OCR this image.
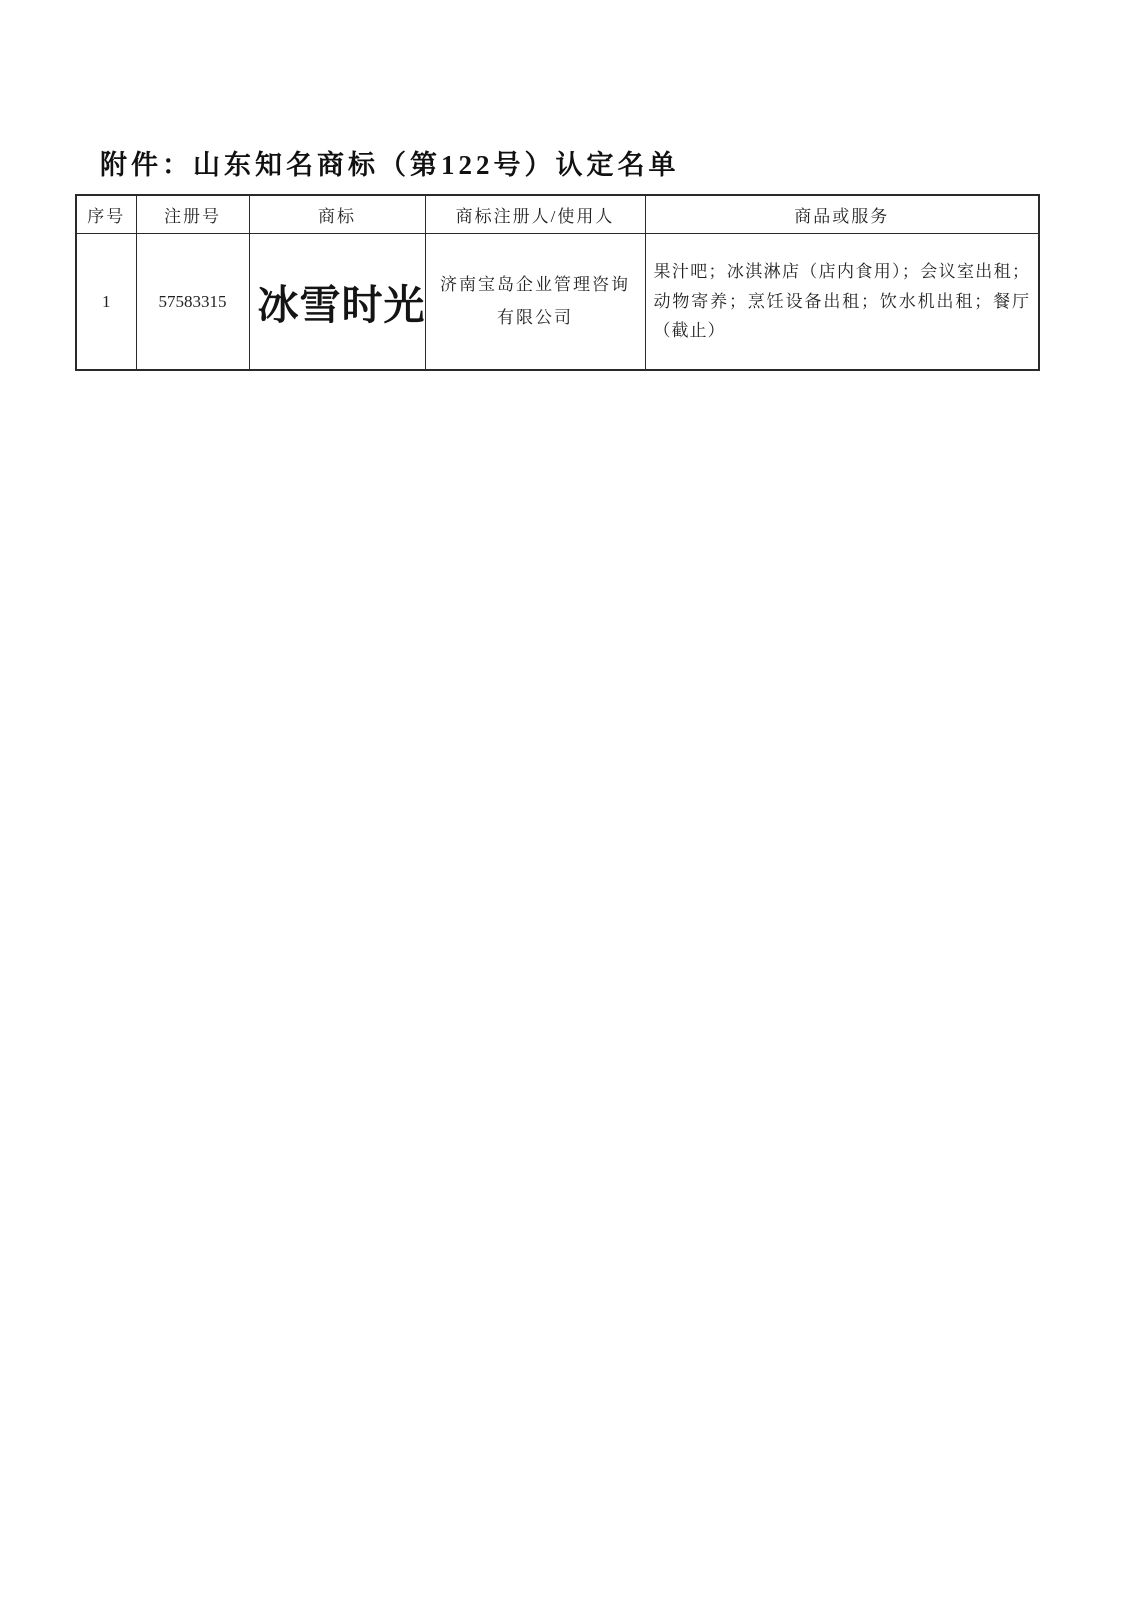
附件：山东知名商标（第122号）认定名单
序号	注册号	商标	商标注册人/使用人	商品或服务
1	57583315	冰雪时光	济南宝岛企业管理咨询有限公司	果汁吧；冰淇淋店（店内食用）；会议室出租；动物寄养；烹饪设备出租；饮水机出租；餐厅（截止）
